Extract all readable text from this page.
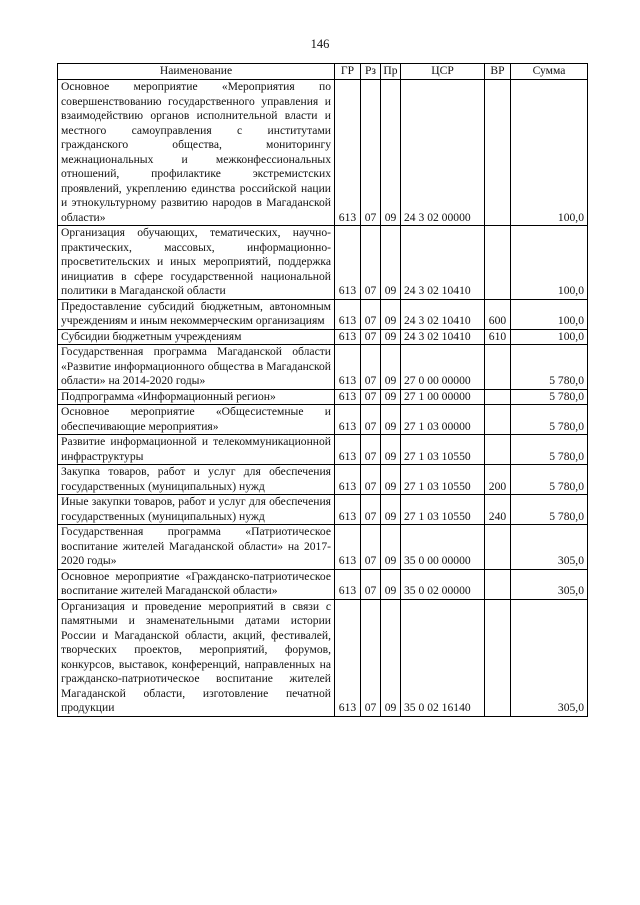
146
Наименование	ГР	Рз	Пр	ЦСР	ВР	Сумма
Основное мероприятие «Мероприятия по совершенствованию государственного управления и взаимодействию органов исполнительной власти и местного самоуправления с институтами гражданского общества, мониторингу межнациональных и межконфессиональных отношений, профилактике экстремистских проявлений, укреплению единства российской нации и этнокультурному развитию народов в Магаданской области»	613	07	09	24 3 02 00000		100,0
Организация обучающих, тематических, научно-практических, массовых, информационно-просветительских и иных мероприятий, поддержка инициатив в сфере государственной национальной политики в Магаданской области	613	07	09	24 3 02 10410		100,0
Предоставление субсидий бюджетным, автономным учреждениям и иным некоммерческим организациям	613	07	09	24 3 02 10410	600	100,0
Субсидии бюджетным учреждениям	613	07	09	24 3 02 10410	610	100,0
Государственная программа Магаданской области «Развитие информационного общества в Магаданской области» на 2014-2020 годы»	613	07	09	27 0 00 00000		5 780,0
Подпрограмма «Информационный регион»	613	07	09	27 1 00 00000		5 780,0
Основное мероприятие «Общесистемные и обеспечивающие мероприятия»	613	07	09	27 1 03 00000		5 780,0
Развитие информационной и телекоммуникационной инфраструктуры	613	07	09	27 1 03 10550		5 780,0
Закупка товаров, работ и услуг для обеспечения государственных (муниципальных) нужд	613	07	09	27 1 03 10550	200	5 780,0
Иные закупки товаров, работ и услуг для обеспечения государственных (муниципальных) нужд	613	07	09	27 1 03 10550	240	5 780,0
Государственная программа «Патриотическое воспитание жителей Магаданской области» на 2017-2020 годы»	613	07	09	35 0 00 00000		305,0
Основное мероприятие «Гражданско-патриотическое воспитание жителей Магаданской области»	613	07	09	35 0 02 00000		305,0
Организация и проведение мероприятий в связи с памятными и знаменательными датами истории России и Магаданской области, акций, фестивалей, творческих проектов, мероприятий, форумов, конкурсов, выставок, конференций, направленных на гражданско-патриотическое воспитание жителей Магаданской области, изготовление печатной продукции	613	07	09	35 0 02 16140		305,0
